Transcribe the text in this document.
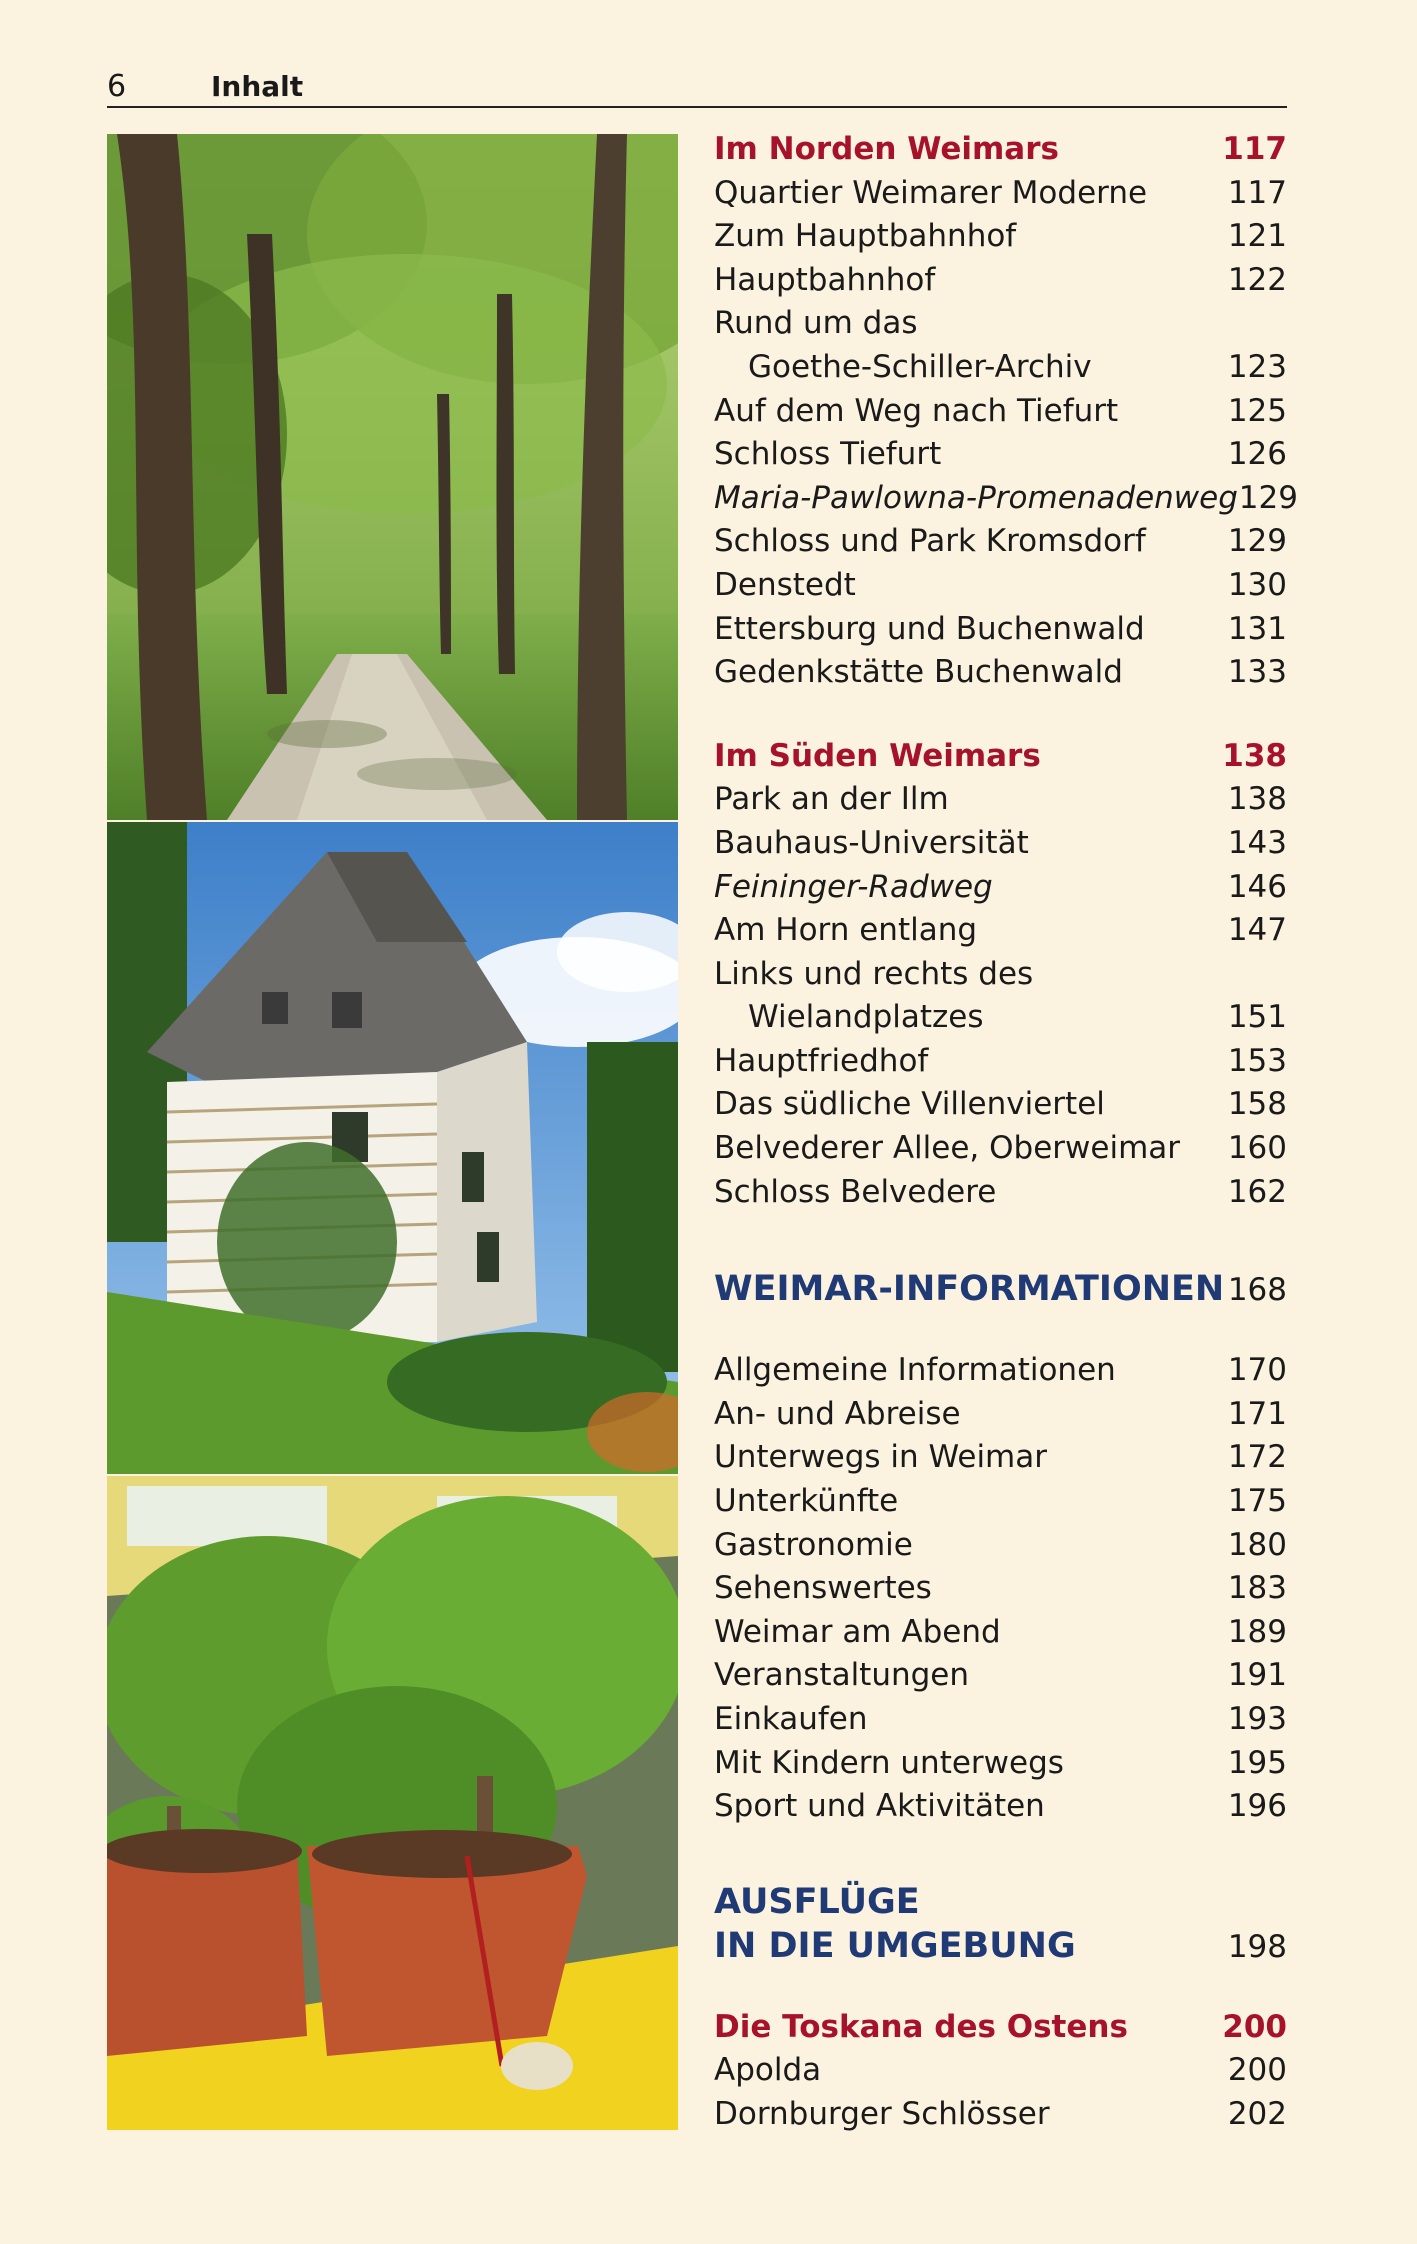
6	Inhalt
Im Norden Weimars	117
Quartier Weimarer Moderne	117
Zum Hauptbahnhof	121
Hauptbahnhof	122
Rund um das
Goethe-Schiller-Archiv	123
Auf dem Weg nach Tiefurt	125
Schloss Tiefurt	126
Maria-Pawlowna-Promenadenweg 129
Schloss und Park Kromsdorf	129
Denstedt	130
Ettersburg und Buchenwald	131
Gedenkstätte Buchenwald	133
Im Süden Weimars	138
Park an der Ilm	138
Bauhaus-Universität	143
Feininger-Radweg	146
Am Horn entlang	147
Links und rechts des
Wielandplatzes	151
Hauptfriedhof	153
Das südliche Villenviertel	158
Belvederer Allee, Oberweimar 160
Schloss Belvedere	162
WEIMAR-INFORMATIONEN 168
Allgemeine Informationen	170
An- und Abreise	171
Unterwegs in Weimar	172
Unterkünfte	175
Gastronomie	180
Sehenswertes	183
Weimar am Abend	189
Veranstaltungen	191
Einkaufen	193
Mit Kindern unterwegs	195
Sport und Aktivitäten	196
AUSFLÜGE
IN DIE UMGEBUNG	198
Die Toskana des Ostens	200
Apolda	200
Dornburger Schlösser	202
